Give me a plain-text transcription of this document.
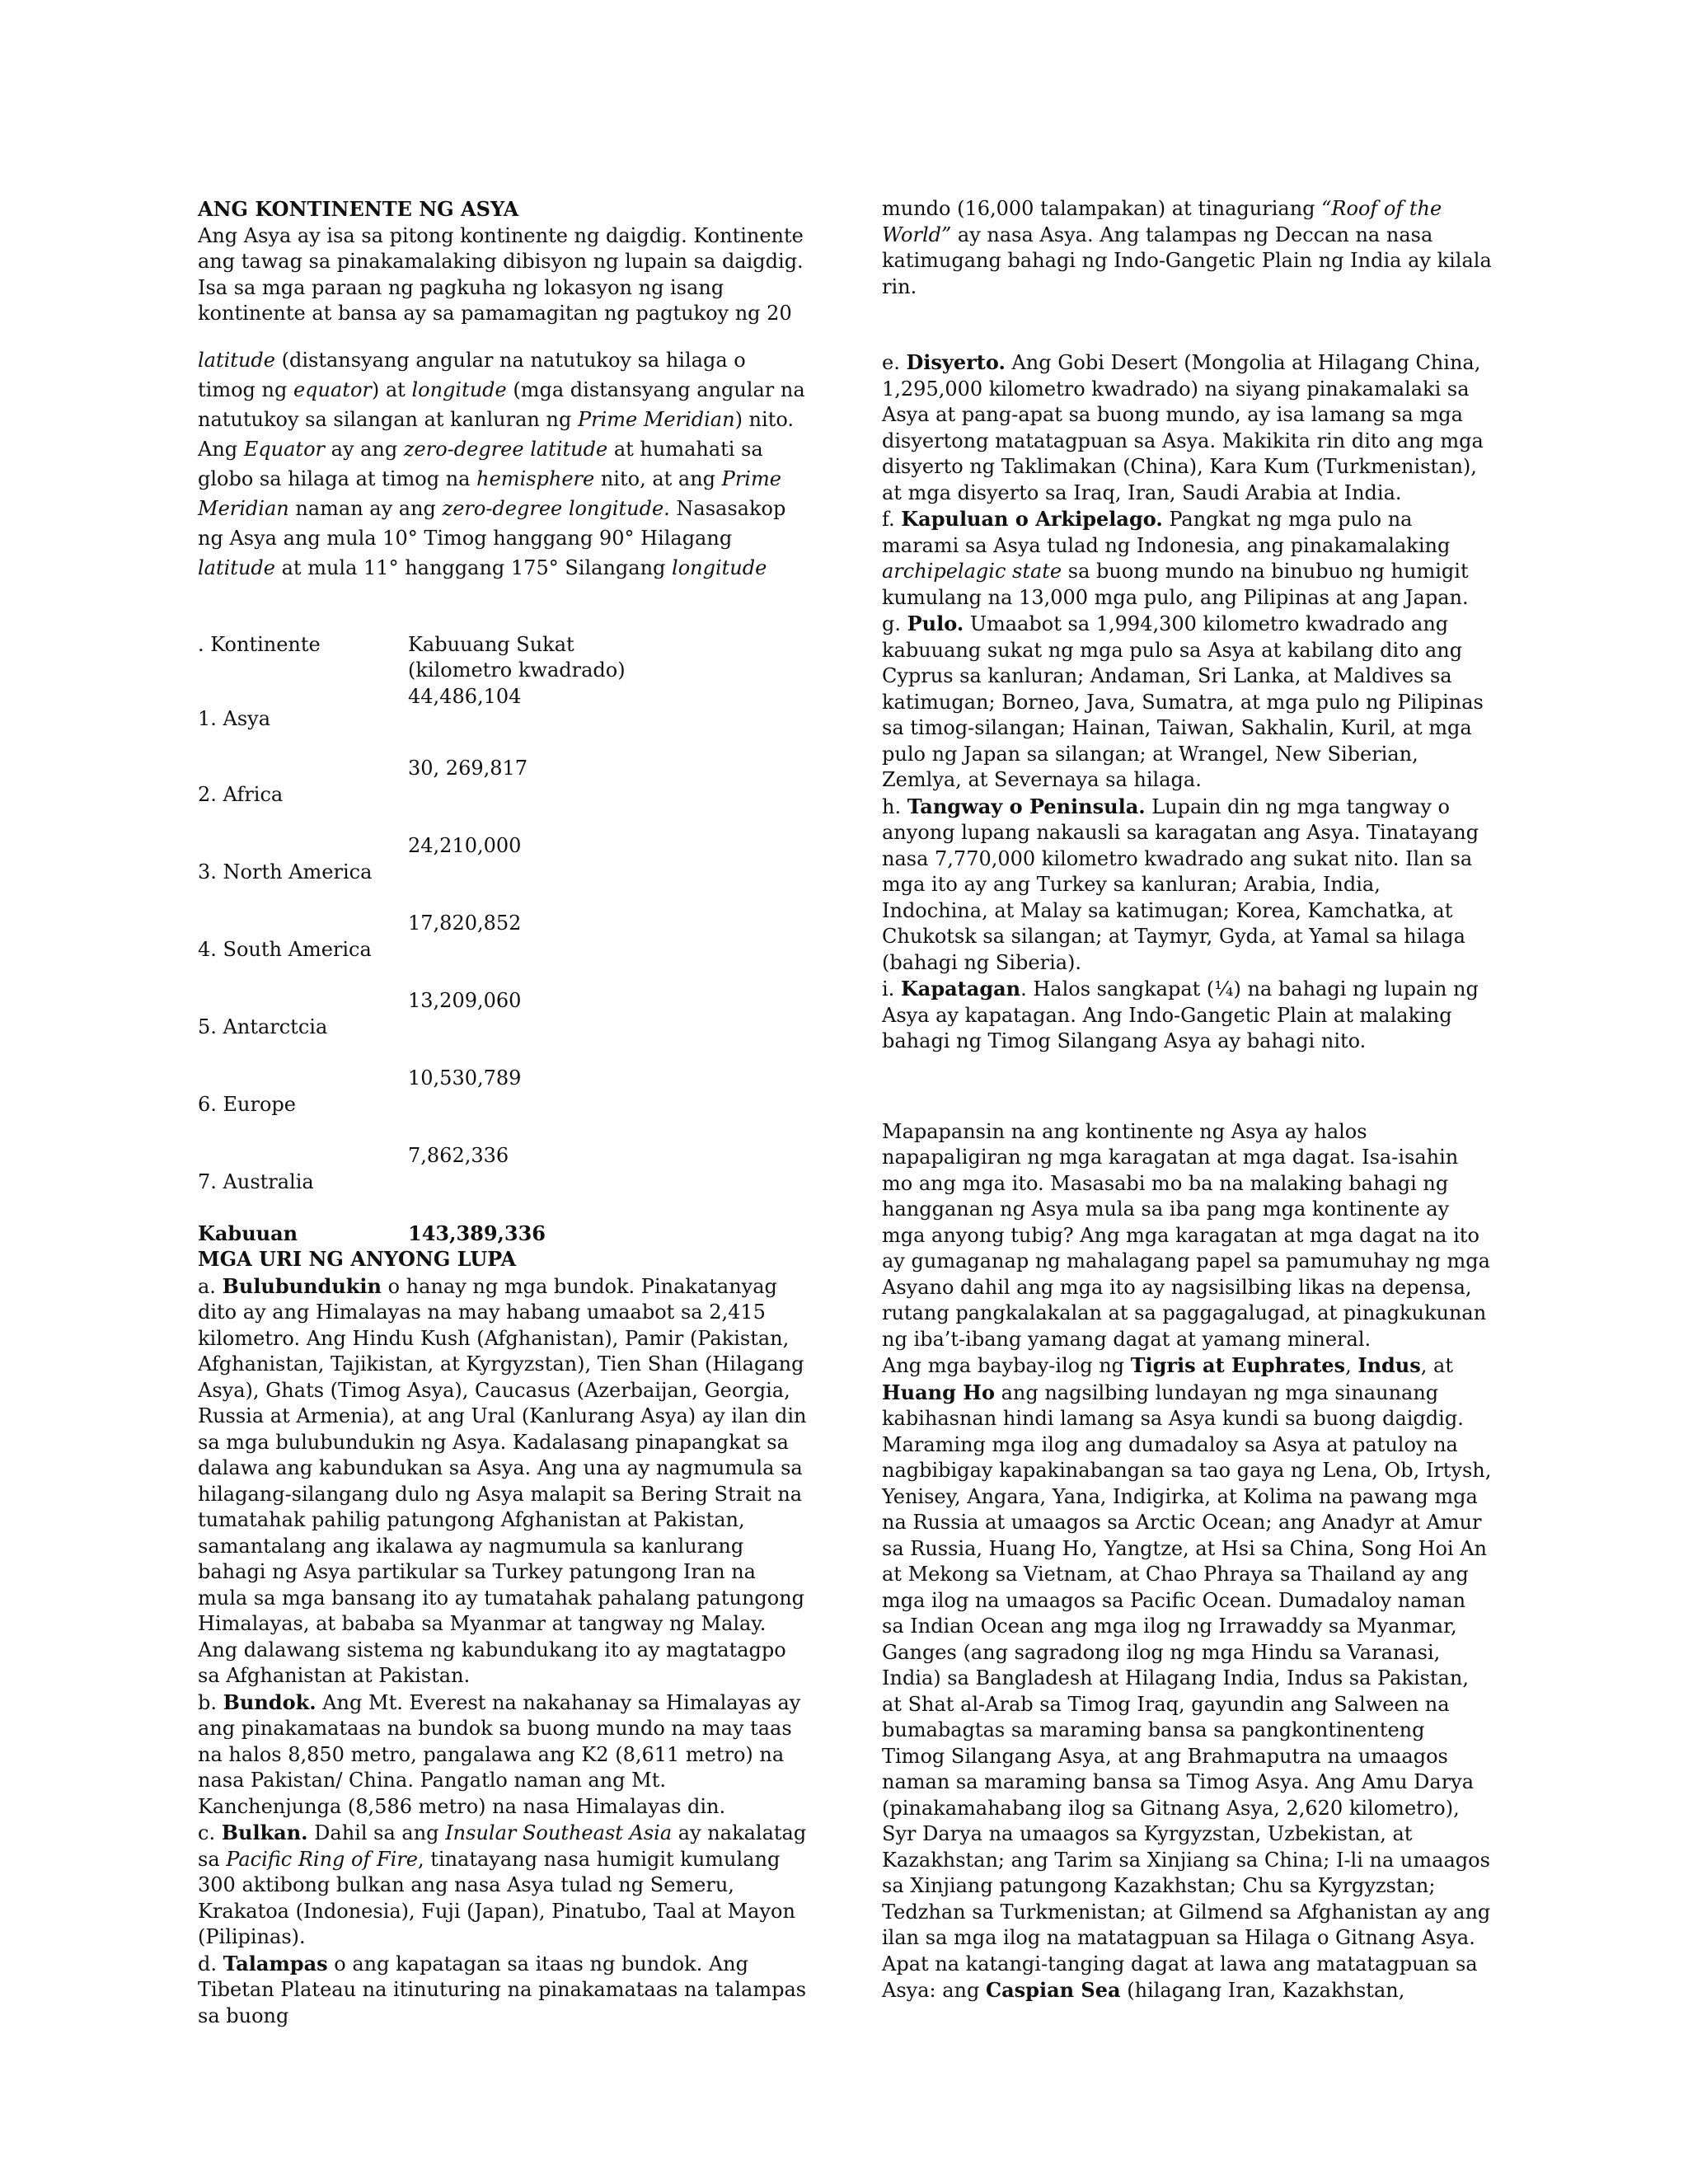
ANG KONTINENTE NG ASYA

Ang Asya ay isa sa pitong kontinente ng daigdig. Kontinente ang tawag sa pinakamalaking dibisyon ng lupain sa daigdig. Isa sa mga paraan ng pagkuha ng lokasyon ng isang kontinente at bansa ay sa pamamagitan ng pagtukoy ng 20

latitude (distansyang angular na natutukoy sa hilaga o timog ng equator) at longitude (mga distansyang angular na natutukoy sa silangan at kanluran ng Prime Meridian) nito. Ang Equator ay ang zero-degree latitude at humahati sa globo sa hilaga at timog na hemisphere nito, at ang Prime Meridian naman ay ang zero-degree longitude. Nasasakop ng Asya ang mula 10° Timog hanggang 90° Hilagang latitude at mula 11° hanggang 175° Silangang longitude

. Kontinente	Kabuuang Sukat
(kilometro kwadrado)
44,486,104
1. Asya
30, 269,817
2. Africa
24,210,000
3. North America
17,820,852
4. South America
13,209,060
5. Antarctcia
10,530,789
6. Europe
7,862,336
7. Australia
Kabuuan	143,389,336

MGA URI NG ANYONG LUPA

a. Bulubundukin o hanay ng mga bundok. Pinakatanyag dito ay ang Himalayas na may habang umaabot sa 2,415 kilometro. Ang Hindu Kush (Afghanistan), Pamir (Pakistan, Afghanistan, Tajikistan, at Kyrgyzstan), Tien Shan (Hilagang Asya), Ghats (Timog Asya), Caucasus (Azerbaijan, Georgia, Russia at Armenia), at ang Ural (Kanlurang Asya) ay ilan din sa mga bulubundukin ng Asya. Kadalasang pinapangkat sa dalawa ang kabundukan sa Asya. Ang una ay nagmumula sa hilagang-silangang dulo ng Asya malapit sa Bering Strait na tumatahak pahilig patungong Afghanistan at Pakistan, samantalang ang ikalawa ay nagmumula sa kanlurang bahagi ng Asya partikular sa Turkey patungong Iran na mula sa mga bansang ito ay tumatahak pahalang patungong Himalayas, at bababa sa Myanmar at tangway ng Malay. Ang dalawang sistema ng kabundukang ito ay magtatagpo sa Afghanistan at Pakistan.

b. Bundok. Ang Mt. Everest na nakahanay sa Himalayas ay ang pinakamataas na bundok sa buong mundo na may taas na halos 8,850 metro, pangalawa ang K2 (8,611 metro) na nasa Pakistan/ China. Pangatlo naman ang Mt. Kanchenjunga (8,586 metro) na nasa Himalayas din.

c. Bulkan. Dahil sa ang Insular Southeast Asia ay nakalatag sa Pacific Ring of Fire, tinatayang nasa humigit kumulang 300 aktibong bulkan ang nasa Asya tulad ng Semeru, Krakatoa (Indonesia), Fuji (Japan), Pinatubo, Taal at Mayon (Pilipinas).

d. Talampas o ang kapatagan sa itaas ng bundok. Ang Tibetan Plateau na itinuturing na pinakamataas na talampas sa buong

mundo (16,000 talampakan) at tinaguriang “Roof of the World” ay nasa Asya. Ang talampas ng Deccan na nasa katimugang bahagi ng Indo-Gangetic Plain ng India ay kilala rin.

e. Disyerto. Ang Gobi Desert (Mongolia at Hilagang China, 1,295,000 kilometro kwadrado) na siyang pinakamalaki sa Asya at pang-apat sa buong mundo, ay isa lamang sa mga disyertong matatagpuan sa Asya. Makikita rin dito ang mga disyerto ng Taklimakan (China), Kara Kum (Turkmenistan), at mga disyerto sa Iraq, Iran, Saudi Arabia at India.

f. Kapuluan o Arkipelago. Pangkat ng mga pulo na marami sa Asya tulad ng Indonesia, ang pinakamalaking archipelagic state sa buong mundo na binubuo ng humigit kumulang na 13,000 mga pulo, ang Pilipinas at ang Japan.

g. Pulo. Umaabot sa 1,994,300 kilometro kwadrado ang kabuuang sukat ng mga pulo sa Asya at kabilang dito ang Cyprus sa kanluran; Andaman, Sri Lanka, at Maldives sa katimugan; Borneo, Java, Sumatra, at mga pulo ng Pilipinas sa timog-silangan; Hainan, Taiwan, Sakhalin, Kuril, at mga pulo ng Japan sa silangan; at Wrangel, New Siberian, Zemlya, at Severnaya sa hilaga.

h. Tangway o Peninsula. Lupain din ng mga tangway o anyong lupang nakausli sa karagatan ang Asya. Tinatayang nasa 7,770,000 kilometro kwadrado ang sukat nito. Ilan sa mga ito ay ang Turkey sa kanluran; Arabia, India, Indochina, at Malay sa katimugan; Korea, Kamchatka, at Chukotsk sa silangan; at Taymyr, Gyda, at Yamal sa hilaga (bahagi ng Siberia).

i. Kapatagan. Halos sangkapat (¼) na bahagi ng lupain ng Asya ay kapatagan. Ang Indo-Gangetic Plain at malaking bahagi ng Timog Silangang Asya ay bahagi nito.

Mapapansin na ang kontinente ng Asya ay halos napapaligiran ng mga karagatan at mga dagat. Isa-isahin mo ang mga ito. Masasabi mo ba na malaking bahagi ng hangganan ng Asya mula sa iba pang mga kontinente ay mga anyong tubig? Ang mga karagatan at mga dagat na ito ay gumaganap ng mahalagang papel sa pamumuhay ng mga Asyano dahil ang mga ito ay nagsisilbing likas na depensa, rutang pangkalakalan at sa paggagalugad, at pinagkukunan ng iba’t-ibang yamang dagat at yamang mineral.

Ang mga baybay-ilog ng Tigris at Euphrates, Indus, at Huang Ho ang nagsilbing lundayan ng mga sinaunang kabihasnan hindi lamang sa Asya kundi sa buong daigdig. Maraming mga ilog ang dumadaloy sa Asya at patuloy na nagbibigay kapakinabangan sa tao gaya ng Lena, Ob, Irtysh, Yenisey, Angara, Yana, Indigirka, at Kolima na pawang mga na Russia at umaagos sa Arctic Ocean; ang Anadyr at Amur sa Russia, Huang Ho, Yangtze, at Hsi sa China, Song Hoi An at Mekong sa Vietnam, at Chao Phraya sa Thailand ay ang mga ilog na umaagos sa Pacific Ocean. Dumadaloy naman sa Indian Ocean ang mga ilog ng Irrawaddy sa Myanmar, Ganges (ang sagradong ilog ng mga Hindu sa Varanasi, India) sa Bangladesh at Hilagang India, Indus sa Pakistan, at Shat al-Arab sa Timog Iraq, gayundin ang Salween na bumabagtas sa maraming bansa sa pangkontinenteng Timog Silangang Asya, at ang Brahmaputra na umaagos naman sa maraming bansa sa Timog Asya. Ang Amu Darya (pinakamahabang ilog sa Gitnang Asya, 2,620 kilometro), Syr Darya na umaagos sa Kyrgyzstan, Uzbekistan, at Kazakhstan; ang Tarim sa Xinjiang sa China; I-li na umaagos sa Xinjiang patungong Kazakhstan; Chu sa Kyrgyzstan; Tedzhan sa Turkmenistan; at Gilmend sa Afghanistan ay ang ilan sa mga ilog na matatagpuan sa Hilaga o Gitnang Asya.

Apat na katangi-tanging dagat at lawa ang matatagpuan sa Asya: ang Caspian Sea (hilagang Iran, Kazakhstan,
